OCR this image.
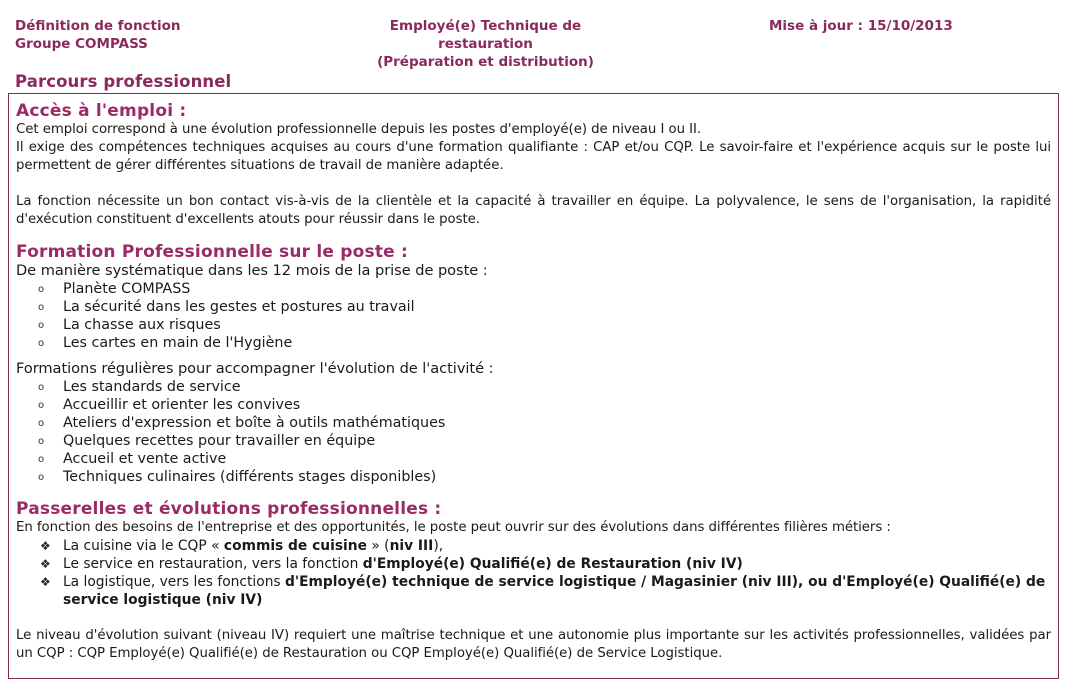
Définition de fonction
Groupe COMPASS
Employé(e) Technique de restauration
(Préparation et distribution)
Mise à jour : 15/10/2013
Parcours professionnel
Accès à l'emploi :
Cet emploi correspond à une évolution professionnelle depuis les postes d'employé(e) de niveau I ou II.
Il exige des compétences techniques acquises au cours d'une formation qualifiante : CAP et/ou CQP. Le savoir-faire et l'expérience acquis sur le poste lui permettent de gérer différentes situations de travail de manière adaptée.
La fonction nécessite un bon contact vis-à-vis de la clientèle et la capacité à travailler en équipe. La polyvalence, le sens de l'organisation, la rapidité d'exécution constituent d'excellents atouts pour réussir dans le poste.
Formation Professionnelle sur le poste :
De manière systématique dans les 12 mois de la prise de poste :
o Planète COMPASS
o La sécurité dans les gestes et postures au travail
o La chasse aux risques
o Les cartes en main de l'Hygiène
Formations régulières pour accompagner l'évolution de l'activité :
o Les standards de service
o Accueillir et orienter les convives
o Ateliers d'expression et boîte à outils mathématiques
o Quelques recettes pour travailler en équipe
o Accueil et vente active
o Techniques culinaires (différents stages disponibles)
Passerelles et évolutions professionnelles :
En fonction des besoins de l'entreprise et des opportunités, le poste peut ouvrir sur des évolutions dans différentes filières métiers :
❖ La cuisine via le CQP « commis de cuisine » (niv III),
❖ Le service en restauration, vers la fonction d'Employé(e) Qualifié(e) de Restauration (niv IV)
❖ La logistique, vers les fonctions d'Employé(e) technique de service logistique / Magasinier (niv III), ou d'Employé(e) Qualifié(e) de service logistique (niv IV)
Le niveau d'évolution suivant (niveau IV) requiert une maîtrise technique et une autonomie plus importante sur les activités professionnelles, validées par un CQP : CQP Employé(e) Qualifié(e) de Restauration ou CQP Employé(e) Qualifié(e) de Service Logistique.
